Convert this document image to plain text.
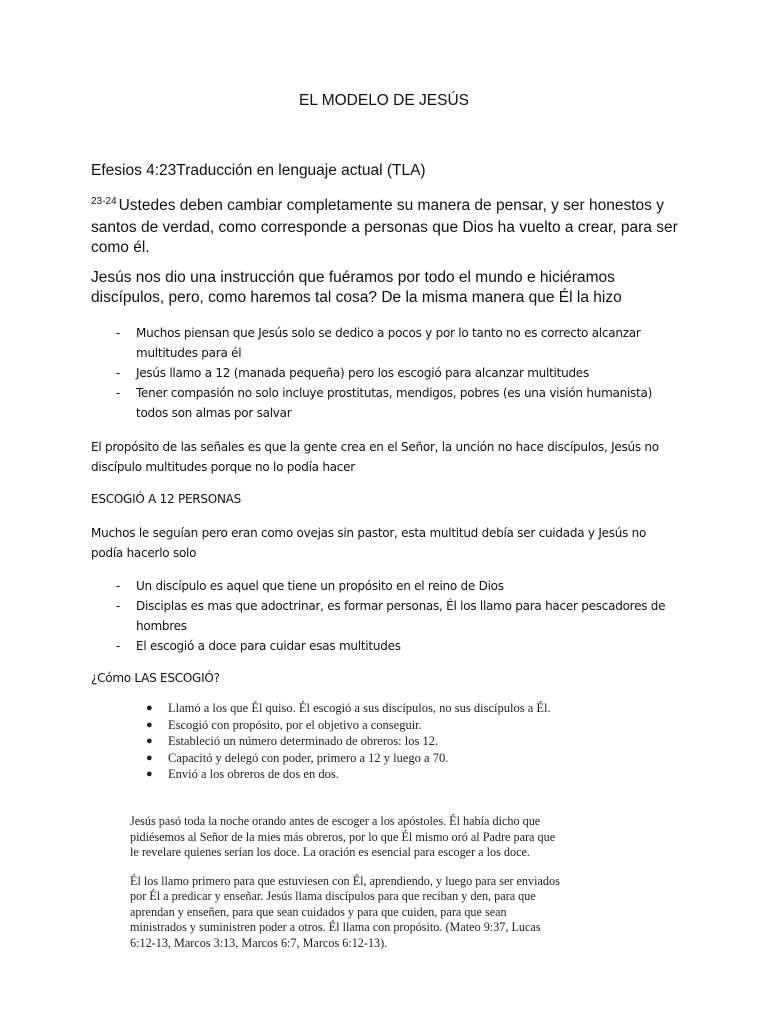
EL MODELO DE JESÚS
Efesios 4:23Traducción en lenguaje actual (TLA)
$^{23-24}$ Ustedes deben cambiar completamente su manera de pensar, y ser honestos y santos de verdad, como corresponde a personas que Dios ha vuelto a crear, para ser como él.
Jesús nos dio una instrucción que fuéramos por todo el mundo e hiciéramos discípulos, pero, como haremos tal cosa? De la misma manera que Él la hizo
- Muchos piensan que Jesús solo se dedico a pocos y por lo tanto no es correcto alcanzar multitudes para él
- Jesús llamo a 12 (manada pequeña) pero los escogió para alcanzar multitudes
- Tener compasión no solo incluye prostitutas, mendigos, pobres (es una visión humanista) todos son almas por salvar
El propósito de las señales es que la gente crea en el Señor, la unción no hace discípulos, Jesús no discípulo multitudes porque no lo podía hacer
ESCOGIÓ A 12 PERSONAS
Muchos le seguían pero eran como ovejas sin pastor, esta multitud debía ser cuidada y Jesús no podía hacerlo solo
- Un discípulo es aquel que tiene un propósito en el reino de Dios
- Disciplas es mas que adoctrinar, es formar personas, Él los llamo para hacer pescadores de hombres
- El escogió a doce para cuidar esas multitudes
¿Cómo LAS ESCOGIÓ?
● Llamó a los que Él quiso. Él escogió a sus discípulos, no sus discípulos a Él.
● Escogió con propósito, por el objetivo a conseguir.
● Estableció un número determinado de obreros: los 12.
● Capacitó y delegó con poder, primero a 12 y luego a 70.
● Envió a los obreros de dos en dos.

Jesús pasó toda la noche orando antes de escoger a los apóstoles. Él había dicho que pidiésemos al Señor de la mies más obreros, por lo que Él mismo oró al Padre para que le revelare quienes serían los doce. La oración es esencial para escoger a los doce.

Él los llamo primero para que estuviesen con Él, aprendiendo, y luego para ser enviados por Él a predicar y enseñar. Jesús llama discípulos para que reciban y den, para que aprendan y enseñen, para que sean cuidados y para que cuiden, para que sean ministrados y suministren poder a otros. Él llama con propósito. (Mateo 9:37, Lucas 6:12-13, Marcos 3:13, Marcos 6:7, Marcos 6:12-13).
